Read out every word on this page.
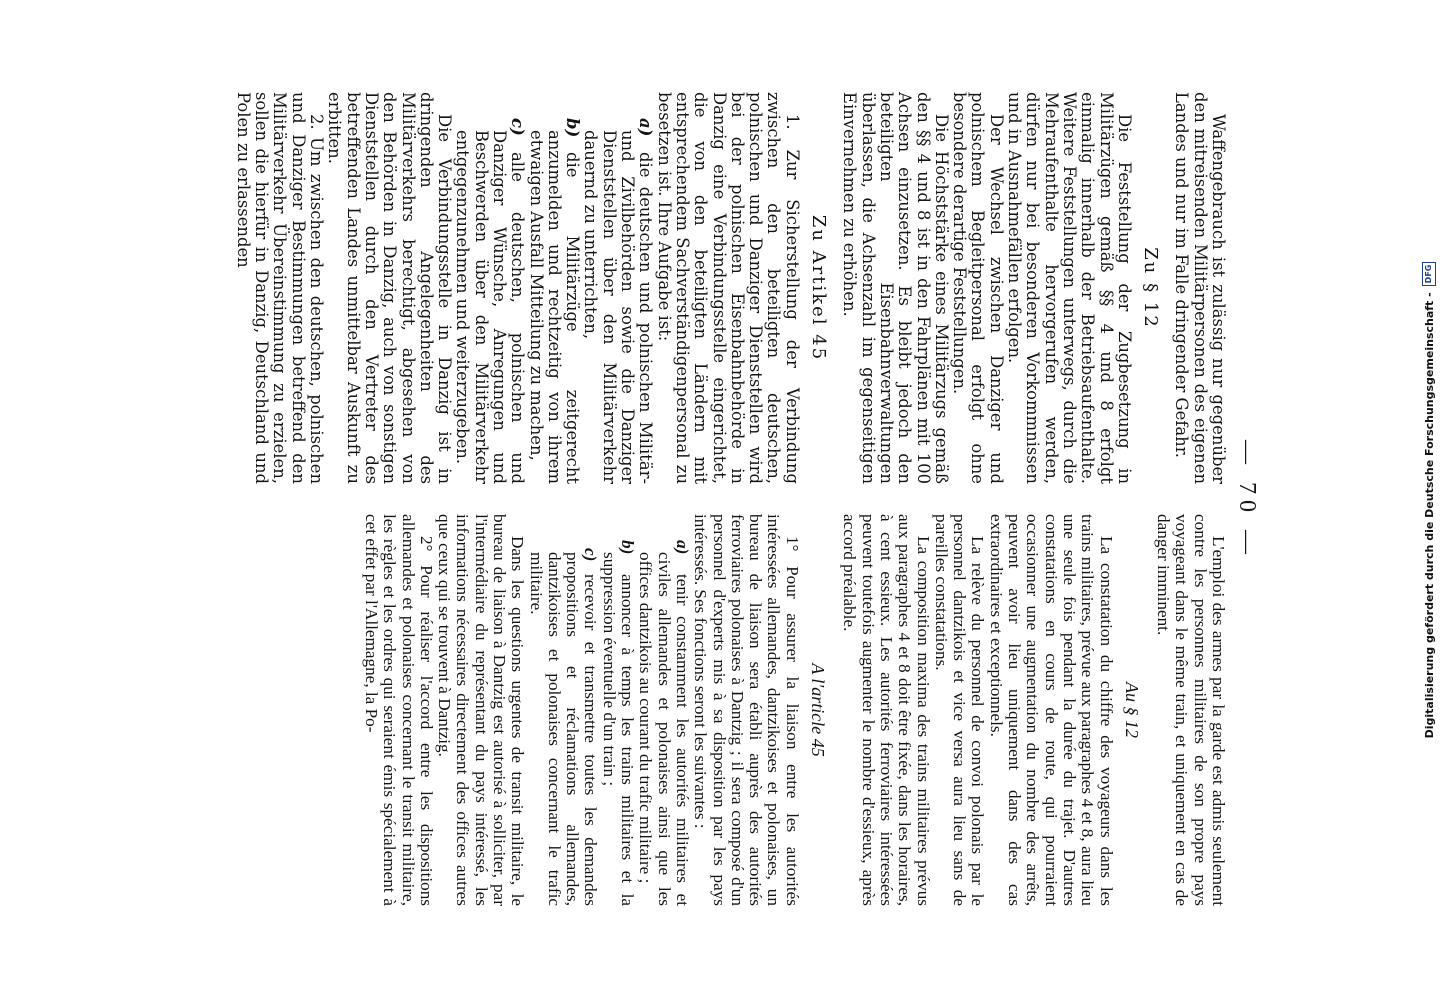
— 70 —

Waffengebrauch ist zulässig nur gegenüber den mitreisenden Militärpersonen des eigenen Landes und nur im Falle dringender Gefahr.

Zu § 12

Die Feststellung der Zugbesetzung in Militärzügen gemäß §§ 4 und 8 erfolgt einmalig innerhalb der Betriebsaufenthalte. Weitere Feststellungen unterwegs, durch die Mehraufenthalte hervorgerufen werden, dürfen nur bei besonderen Vorkommnissen und in Ausnahmefällen erfolgen.

Der Wechsel zwischen Danziger und polnischem Begleitpersonal erfolgt ohne besondere derartige Feststellungen.

Die Höchststärke eines Militärzugs gemäß den §§ 4 und 8 ist in den Fahrplänen mit 100 Achsen einzusetzen. Es bleibt jedoch den beteiligten Eisenbahnverwaltungen überlassen, die Achsenzahl im gegenseitigen Einvernehmen zu erhöhen.

Zu Artikel 45

1. Zur Sicherstellung der Verbindung zwischen den beteiligten deutschen, polnischen und Danziger Dienststellen wird bei der polnischen Eisenbahnbehörde in Danzig eine Verbindungsstelle eingerichtet, die von den beteiligten Ländern mit entsprechendem Sachverständigenpersonal zu besetzen ist. Ihre Aufgabe ist:

a)
die deutschen und polnischen Militär- und Zivilbehörden sowie die Danziger Dienststellen über den Militärverkehr dauernd zu unterrichten,

b)
die Militärzüge zeitgerecht anzumelden und rechtzeitig von ihrem etwaigen Ausfall Mitteilung zu machen,

c)
alle deutschen, polnischen und Danziger Wünsche, Anregungen und Beschwerden über den Militärverkehr entgegenzunehmen und weiterzugeben.

Die Verbindungsstelle in Danzig ist in dringenden Angelegenheiten des Militärverkehrs berechtigt, abgesehen von den Behörden in Danzig, auch von sonstigen Dienststellen durch den Vertreter des betreffenden Landes unmittelbar Auskunft zu erbitten.

2. Um zwischen den deutschen, polnischen und Danziger Bestimmungen betreffend den Militärverkehr Übereinstimmung zu erzielen, sollen die hierfür in Danzig, Deutschland und Polen zu erlassenden

L'emploi des armes par la garde est admis seulement contre les personnes militaires de son propre pays voyageant dans le même train, et uniquement en cas de danger imminent.

Au § 12

La constatation du chiffre des voyageurs dans les trains militaires, prévue aux paragraphes 4 et 8, aura lieu une seule fois pendant la durée du trajet. D'autres constatations en cours de route, qui pourraient occasionner une augmentation du nombre des arrêts, peuvent avoir lieu uniquement dans des cas extraordinaires et exceptionnels.

La relève du personnel de convoi polonais par le personnel dantzikois et vice versa aura lieu sans de pareilles constatations.

La composition maxima des trains militaires prévus aux paragraphes 4 et 8 doit être fixée, dans les horaires, à cent essieux. Les autorités ferroviaires intéressées peuvent toutefois augmenter le nombre d'essieux, après accord préalable.

A l'article 45

1° Pour assurer la liaison entre les autorités intéressées allemandes, dantzikoises et polonaises, un bureau de liaison sera établi auprès des autorités ferroviaires polonaises à Dantzig ; il sera composé d'un personnel d'experts mis à sa disposition par les pays intéressés. Ses fonctions seront les suivantes :

a)
tenir constamment les autorités militaires et civiles allemandes et polonaises ainsi que les offices dantzikois au courant du trafic militaire ;

b)
annoncer à temps les trains militaires et la suppression éventuelle d'un train ;

c)
recevoir et transmettre toutes les demandes propositions et réclamations allemandes, dantzikoises et polonaises concernant le trafic militaire.

Dans les questions urgentes de transit militaire, le bureau de liaison à Dantzig est autorisé à solliciter, par l'intermédiaire du représentant du pays intéressé, les informations nécessaires directement des offices autres que ceux qui se trouvent à Dantzig.

2° Pour réaliser l'accord entre les dispositions allemandes et polonaises concernant le transit militaire, les règles et les ordres qui seraient émis spécialement à cet effet par l'Allemagne, la Po-	Digitalisierung gefördert durch die Deutsche Forschungsgemeinschaft -
DFG
